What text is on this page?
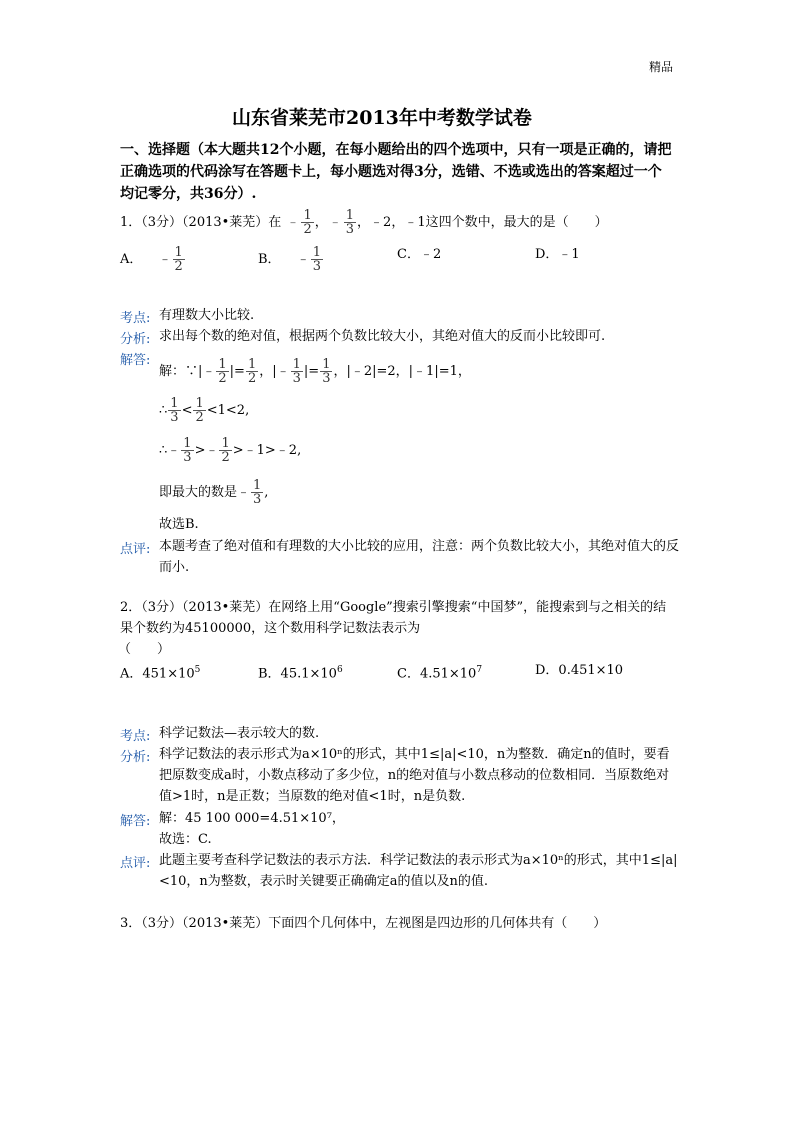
精品
山东省莱芜市2013年中考数学试卷
一、选择题（本大题共12个小题，在每小题给出的四个选项中，只有一项是正确的，请把正确选项的代码涂写在答题卡上，每小题选对得3分，选错、不选或选出的答案超过一个均记零分，共36分）.
1．（3分）（2013•莱芜）在 ﹣ $\frac{1}{2}$ ，﹣ $\frac{1}{3}$ ，﹣2，﹣1这四个数中，最大的是（　　）
A． ﹣ $\frac{1}{2}$	B． ﹣ $\frac{1}{3}$	C．﹣2	D．﹣1
考点: 有理数大小比较.
分析: 求出每个数的绝对值，根据两个负数比较大小，其绝对值大的反而小比较即可.
解答:
解：∵|﹣ $\frac{1}{2}$ |= $\frac{1}{2}$ ，|﹣ $\frac{1}{3}$ |= $\frac{1}{3}$ ，|﹣2|=2，|﹣1|=1，
∴ $\frac{1}{3} < \frac{1}{2} <1<2$,
∴﹣ $\frac{1}{3}$ >﹣ $\frac{1}{2}$ >﹣1>﹣2,
即最大的数是﹣ $\frac{1}{3}$ ,
故选B.
点评: 本题考查了绝对值和有理数的大小比较的应用，注意：两个负数比较大小，其绝对值大的反而小.
2．（3分）（2013•莱芜）在网络上用“Google”搜索引擎搜索“中国梦”，能搜索到与之相关的结果个数约为45100000，这个数用科学记数法表示为
（　　）
A．$451\times 10^5$	B．$45.1\times 10^6$	C．$4.51\times 10^7$	D．0.451×10
考点: 科学记数法—表示较大的数.
分析: 科学记数法的表示形式为a×10ⁿ的形式，其中1≤|a|<10，n为整数．确定n的值时，要看把原数变成a时，小数点移动了多少位，n的绝对值与小数点移动的位数相同．当原数绝对值>1时，n是正数；当原数的绝对值<1时，n是负数.
解答: 解：45 100 000=4.51×10⁷，
故选：C.
点评: 此题主要考查科学记数法的表示方法．科学记数法的表示形式为a×10ⁿ的形式，其中1≤|a|<10，n为整数，表示时关键要正确确定a的值以及n的值.
3．（3分）（2013•莱芜）下面四个几何体中，左视图是四边形的几何体共有（　　）
